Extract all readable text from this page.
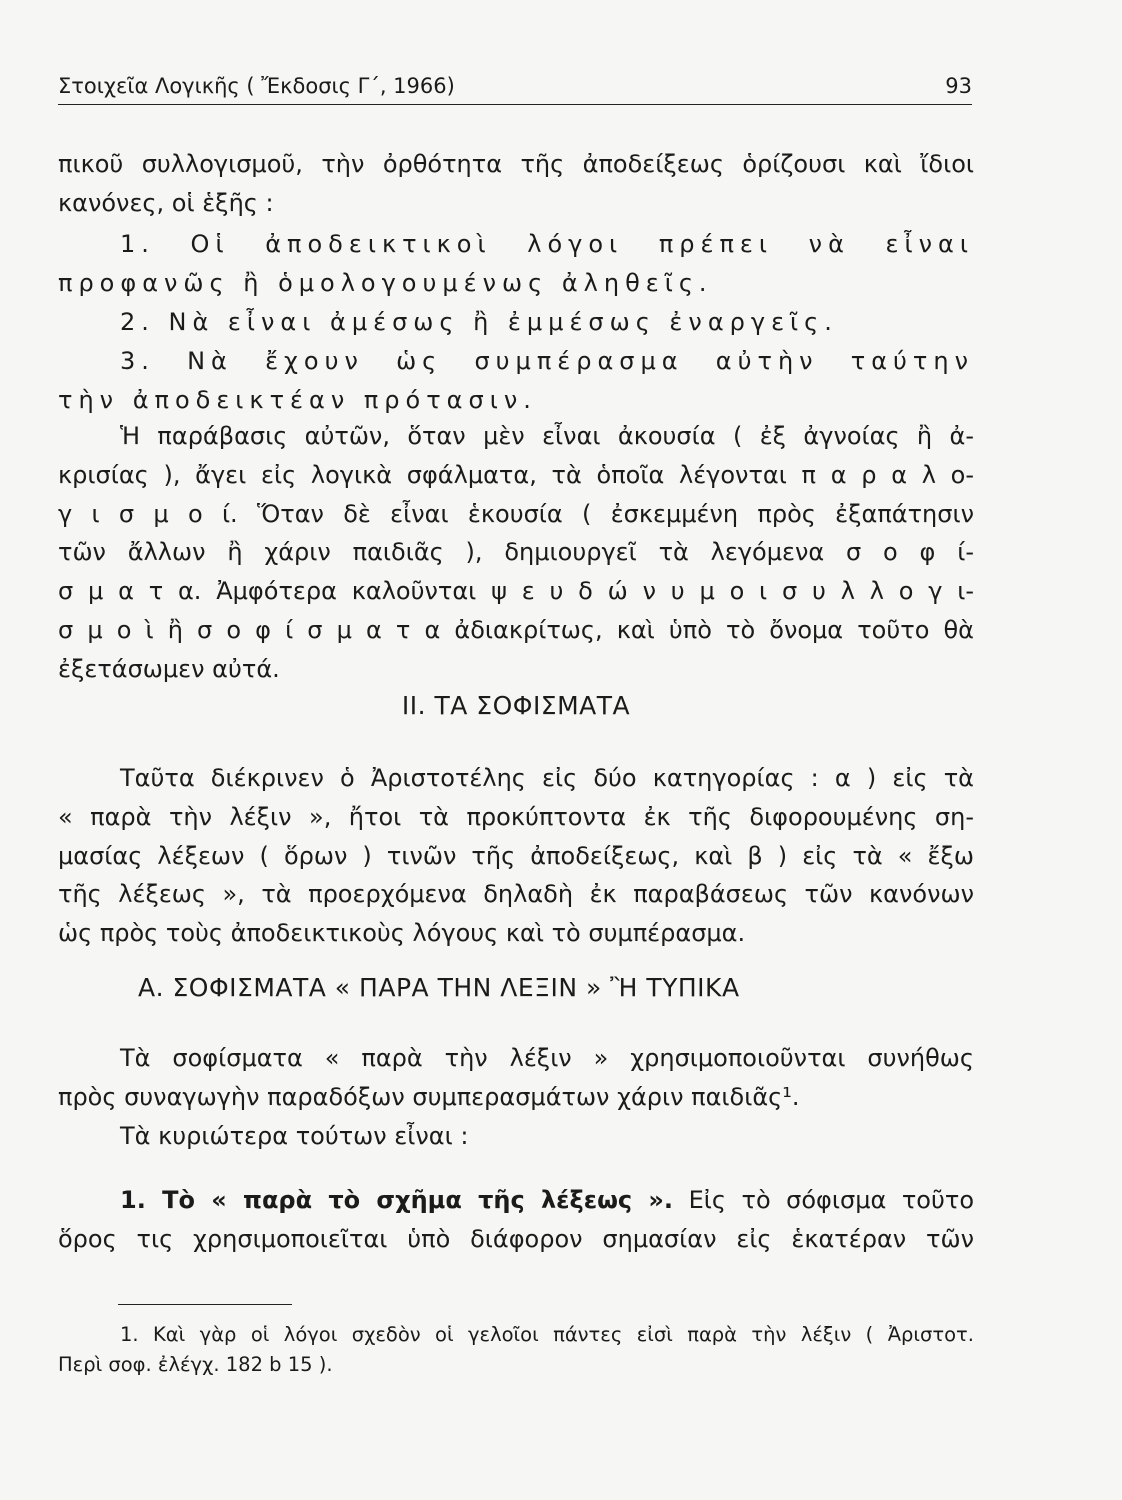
Στοιχεῖα Λογικῆς ( Ἔκδοσις Γ΄, 1966)	93

πικοῦ συλλογισμοῦ, τὴν ὀρθότητα τῆς ἀποδείξεως ὁρίζουσι καὶ ἴδιοι

κανόνες, οἱ ἑξῆς :

1. Οἱ ἀποδεικτικοὶ λόγοι πρέπει νὰ εἶναι

προφανῶς ἢ ὁμολογουμένως ἀληθεῖς.

2. Νὰ εἶναι ἀμέσως ἢ ἐμμέσως ἐναργεῖς.

3. Νὰ ἔχουν ὡς συμπέρασμα αὐτὴν ταύτην

τὴν ἀποδεικτέαν πρότασιν.

Ἡ παράβασις αὐτῶν, ὅταν μὲν εἶναι ἀκουσία ( ἐξ ἀγνοίας ἢ ἀ-

κρισίας ), ἄγει εἰς λογικὰ σφάλματα, τὰ ὁποῖα λέγονται π α ρ α λ ο-

γ ι σ μ ο ί. Ὅταν δὲ εἶναι ἑκουσία ( ἐσκεμμένη πρὸς ἐξαπάτησιν

τῶν ἄλλων ἢ χάριν παιδιᾶς ), δημιουργεῖ τὰ λεγόμενα σ ο φ ί-

σ μ α τ α. Ἀμφότερα καλοῦνται ψ ε υ δ ώ ν υ μ ο ι σ υ λ λ ο γ ι-

σ μ ο ὶ ἢ σ ο φ ί σ μ α τ α ἀδιακρίτως, καὶ ὑπὸ τὸ ὄνομα τοῦτο θὰ

ἐξετάσωμεν αὐτά.

ΙΙ. ΤΑ ΣΟΦΙΣΜΑΤΑ

Ταῦτα διέκρινεν ὁ Ἀριστοτέλης εἰς δύο κατηγορίας : α ) εἰς τὰ

« παρὰ τὴν λέξιν », ἤτοι τὰ προκύπτοντα ἐκ τῆς διφορουμένης ση-

μασίας λέξεων ( ὅρων ) τινῶν τῆς ἀποδείξεως, καὶ β ) εἰς τὰ « ἔξω

τῆς λέξεως », τὰ προερχόμενα δηλαδὴ ἐκ παραβάσεως τῶν κανόνων

ὡς πρὸς τοὺς ἀποδεικτικοὺς λόγους καὶ τὸ συμπέρασμα.

Α. ΣΟΦΙΣΜΑΤΑ « ΠΑΡΑ ΤΗΝ ΛΕΞΙΝ » Ἢ ΤΥΠΙΚΑ

Τὰ σοφίσματα « παρὰ τὴν λέξιν » χρησιμοποιοῦνται συνήθως

πρὸς συναγωγὴν παραδόξων συμπερασμάτων χάριν παιδιᾶς¹.

Τὰ κυριώτερα τούτων εἶναι :

1. Τὸ « παρὰ τὸ σχῆμα τῆς λέξεως ». Εἰς τὸ σόφισμα τοῦτο

ὅρος τις χρησιμοποιεῖται ὑπὸ διάφορον σημασίαν εἰς ἑκατέραν τῶν

1. Καὶ γὰρ οἱ λόγοι σχεδὸν οἱ γελοῖοι πάντες εἰσὶ παρὰ τὴν λέξιν ( Ἀριστοτ.

Περὶ σοφ. ἐλέγχ. 182 b 15 ).
